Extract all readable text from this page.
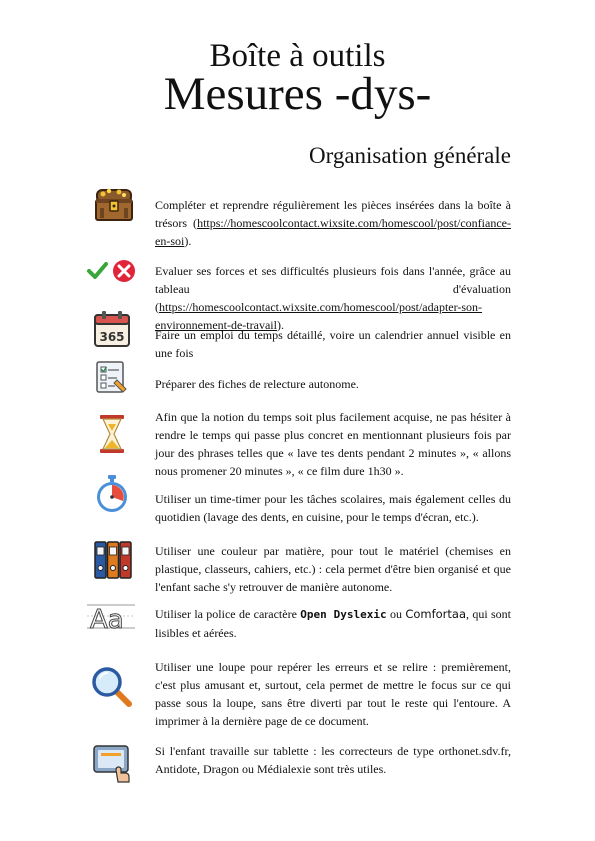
Boîte à outils
Mesures -dys-
Organisation générale
Compléter et reprendre régulièrement les pièces insérées dans la boîte à trésors (https://homescoolcontact.wixsite.com/homescool/post/confiance-en-soi).
Evaluer ses forces et ses difficultés plusieurs fois dans l'année, grâce au tableau d'évaluation (https://homescoolcontact.wixsite.com/homescool/post/adapter-son-environnement-de-travail).
365	Faire un emploi du temps détaillé, voire un calendrier annuel visible en une fois
Préparer des fiches de relecture autonome.
Afin que la notion du temps soit plus facilement acquise, ne pas hésiter à rendre le temps qui passe plus concret en mentionnant plusieurs fois par jour des phrases telles que « lave tes dents pendant 2 minutes », « allons nous promener 20 minutes », « ce film dure 1h30 ».
Utiliser un time-timer pour les tâches scolaires, mais également celles du quotidien (lavage des dents, en cuisine, pour le temps d'écran, etc.).
Utiliser une couleur par matière, pour tout le matériel (chemises en plastique, classeurs, cahiers, etc.) : cela permet d'être bien organisé et que l'enfant sache s'y retrouver de manière autonome.
Aa	Utiliser la police de caractère Open Dyslexic ou Comfortaa, qui sont lisibles et aérées.
Utiliser une loupe pour repérer les erreurs et se relire : premièrement, c'est plus amusant et, surtout, cela permet de mettre le focus sur ce qui passe sous la loupe, sans être diverti par tout le reste qui l'entoure. A imprimer à la dernière page de ce document.
Si l'enfant travaille sur tablette : les correcteurs de type orthonet.sdv.fr, Antidote, Dragon ou Médialexie sont très utiles.
